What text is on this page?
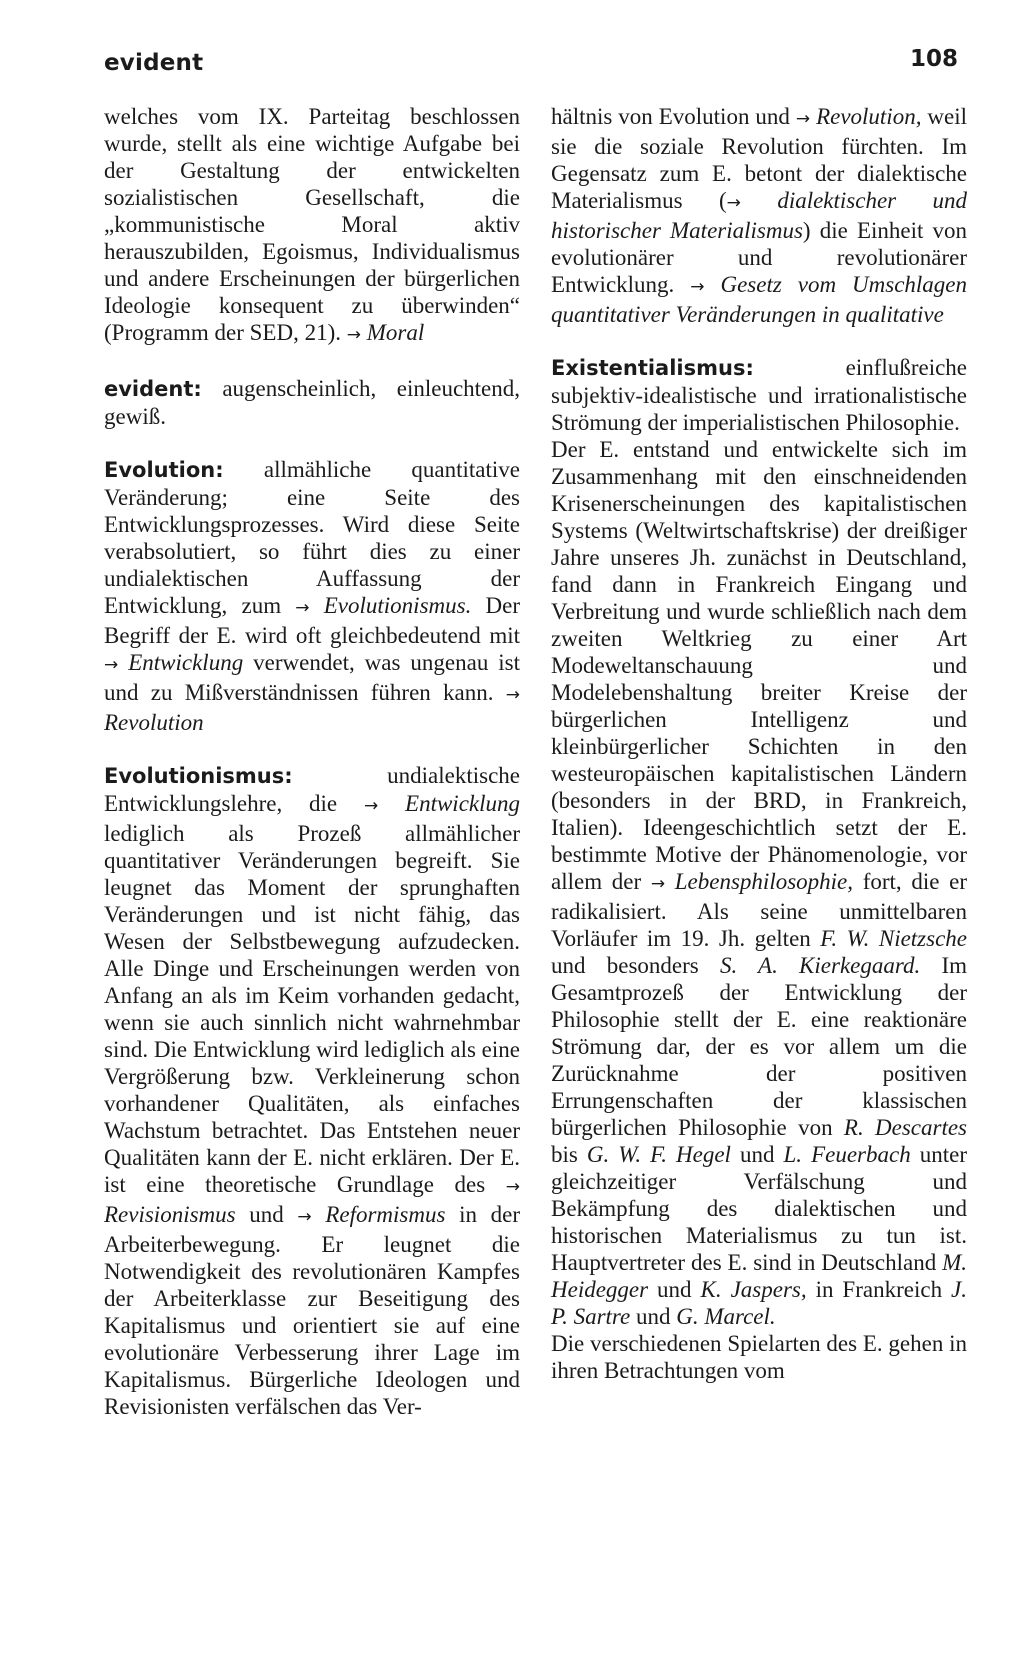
evident	108

welches vom IX. Parteitag beschlossen wurde, stellt als eine wichtige Aufgabe bei der Gestaltung der entwickelten sozialistischen Gesellschaft, die „kommunistische Moral aktiv herauszubilden, Egoismus, Individualismus und andere Erscheinungen der bürgerlichen Ideologie konsequent zu überwinden“ (Programm der SED, 21). → Moral

evident: augenscheinlich, einleuchtend, gewiß.

Evolution: allmähliche quantitative Veränderung; eine Seite des Entwicklungsprozesses. Wird diese Seite verabsolutiert, so führt dies zu einer undialektischen Auffassung der Entwicklung, zum → Evolutionismus. Der Begriff der E. wird oft gleichbedeutend mit → Entwicklung verwendet, was ungenau ist und zu Mißverständnissen führen kann. → Revolution

Evolutionismus:	undialektische Entwicklungslehre, die → Entwicklung lediglich als Prozeß allmählicher quantitativer Veränderungen begreift. Sie leugnet das Moment der sprunghaften Veränderungen und ist nicht fähig, das Wesen der Selbstbewegung aufzudecken. Alle Dinge und Erscheinungen werden von Anfang an als im Keim vorhanden gedacht, wenn sie auch sinnlich nicht wahrnehmbar sind. Die Entwicklung wird lediglich als eine Vergrößerung bzw. Verkleinerung schon vorhandener Qualitäten, als einfaches Wachstum betrachtet. Das Entstehen neuer Qualitäten kann der E. nicht erklären. Der E. ist eine theoretische Grundlage des → Revisionismus und → Reformismus in der Arbeiterbewegung. Er leugnet die Notwendigkeit des revolutionären Kampfes der Arbeiterklasse zur Beseitigung des Kapitalismus und orientiert sie auf eine evolutionäre Verbesserung ihrer Lage im Kapitalismus. Bürgerliche Ideologen und Revisionisten verfälschen das Ver-

hältnis von Evolution und → Revolution, weil sie die soziale Revolution fürchten. Im Gegensatz zum E. betont der dialektische Materialismus (→ dialektischer und historischer Materialismus) die Einheit von evolutionärer und revolutionärer Entwicklung. → Gesetz vom Umschlagen quantitativer Veränderungen in qualitative

Existentialismus:	einflußreiche subjektiv-idealistische und irrationalistische Strömung der imperialistischen Philosophie.

Der E. entstand und entwickelte sich im Zusammenhang mit den einschneidenden Krisenerscheinungen des kapitalistischen Systems (Weltwirtschaftskrise) der dreißiger Jahre unseres Jh. zunächst in Deutschland, fand dann in Frankreich Eingang und Verbreitung und wurde schließlich nach dem zweiten Weltkrieg zu einer Art Modeweltanschauung und Modelebenshaltung breiter Kreise der bürgerlichen Intelligenz und kleinbürgerlicher Schichten in den westeuropäischen kapitalistischen Ländern (besonders in der BRD, in Frankreich, Italien). Ideengeschichtlich setzt der E. bestimmte Motive der Phänomenologie, vor allem der → Lebensphilosophie, fort, die er radikalisiert. Als seine unmittelbaren Vorläufer im 19. Jh. gelten F. W. Nietzsche und besonders S. A. Kierkegaard. Im Gesamtprozeß der Entwicklung der Philosophie stellt der E. eine reaktionäre Strömung dar, der es vor allem um die Zurücknahme der positiven Errungenschaften der klassischen bürgerlichen Philosophie von R. Descartes bis G. W. F. Hegel und L. Feuerbach unter gleichzeitiger Verfälschung und Bekämpfung des dialektischen und historischen Materialismus zu tun ist. Hauptvertreter des E. sind in Deutschland M. Heidegger und K. Jaspers, in Frankreich J. P. Sartre und G. Marcel.

Die verschiedenen Spielarten des E. gehen in ihren Betrachtungen vom
